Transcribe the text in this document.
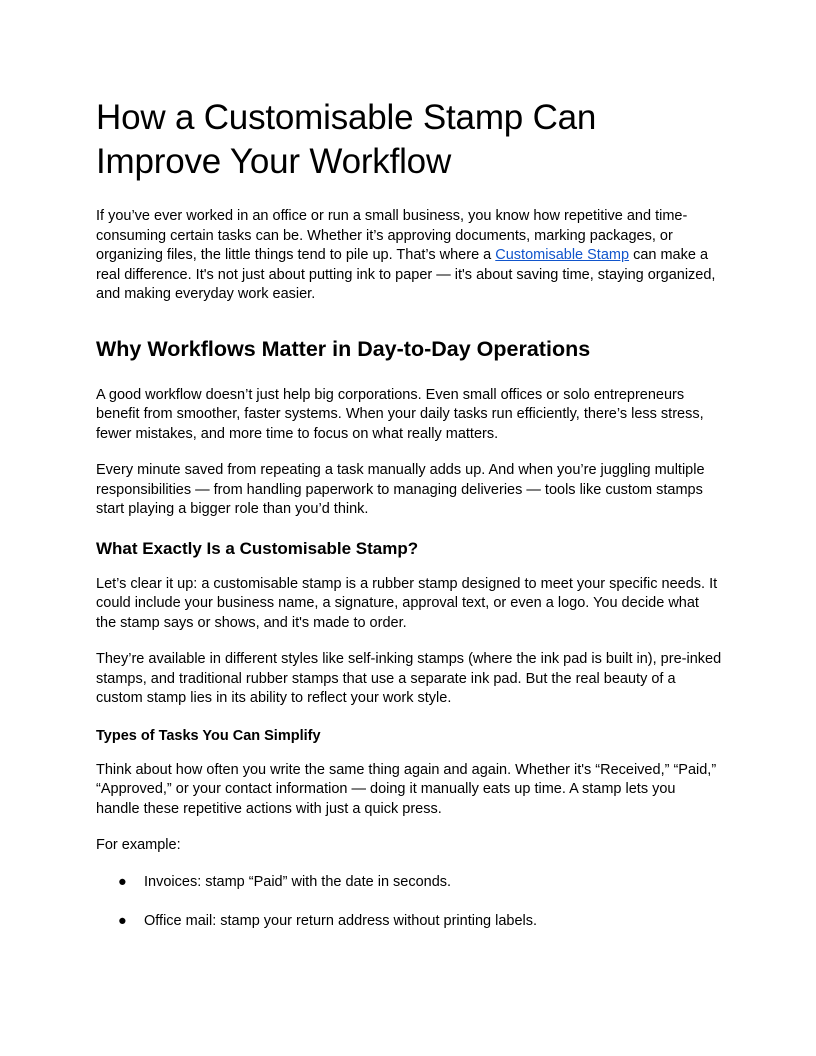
How a Customisable Stamp Can Improve Your Workflow

If you’ve ever worked in an office or run a small business, you know how repetitive and time-consuming certain tasks can be. Whether it’s approving documents, marking packages, or organizing files, the little things tend to pile up. That’s where a Customisable Stamp can make a real difference. It's not just about putting ink to paper — it's about saving time, staying organized, and making everyday work easier.

Why Workflows Matter in Day-to-Day Operations

A good workflow doesn’t just help big corporations. Even small offices or solo entrepreneurs benefit from smoother, faster systems. When your daily tasks run efficiently, there’s less stress, fewer mistakes, and more time to focus on what really matters.

Every minute saved from repeating a task manually adds up. And when you’re juggling multiple responsibilities — from handling paperwork to managing deliveries — tools like custom stamps start playing a bigger role than you’d think.

What Exactly Is a Customisable Stamp?

Let’s clear it up: a customisable stamp is a rubber stamp designed to meet your specific needs. It could include your business name, a signature, approval text, or even a logo. You decide what the stamp says or shows, and it's made to order.

They’re available in different styles like self-inking stamps (where the ink pad is built in), pre-inked stamps, and traditional rubber stamps that use a separate ink pad. But the real beauty of a custom stamp lies in its ability to reflect your work style.

Types of Tasks You Can Simplify

Think about how often you write the same thing again and again. Whether it's “Received,” “Paid,” “Approved,” or your contact information — doing it manually eats up time. A stamp lets you handle these repetitive actions with just a quick press.

For example:

● Invoices: stamp “Paid” with the date in seconds.
● Office mail: stamp your return address without printing labels.
